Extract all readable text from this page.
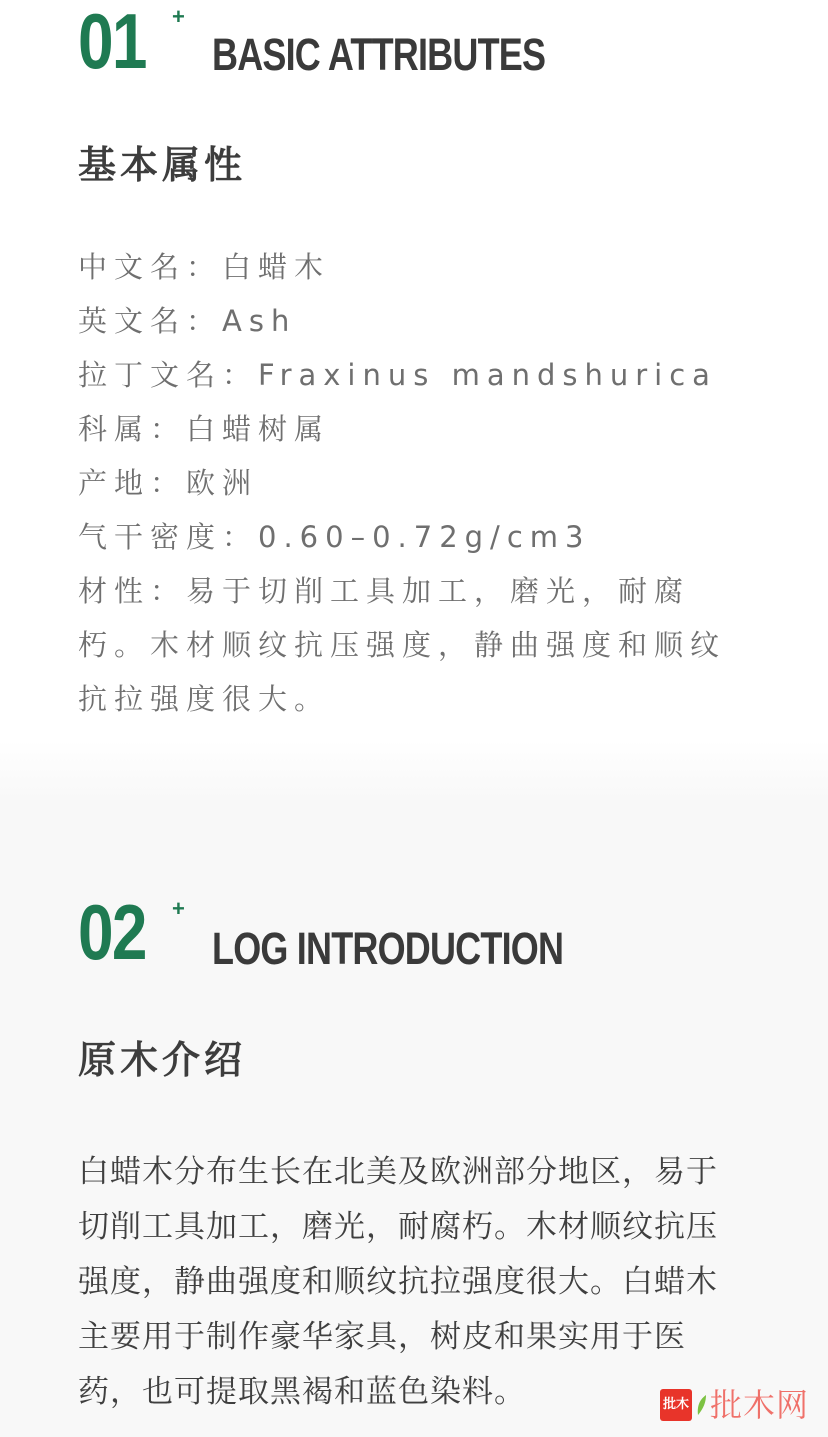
01 +
BASIC ATTRIBUTES
基本属性
中文名：白蜡木
英文名：Ash
拉丁文名：Fraxinus mandshurica
科属：白蜡树属
产地：欧洲
气干密度：0.60–0.72g/cm3
材性：易于切削工具加工，磨光，耐腐朽。木材顺纹抗压强度，静曲强度和顺纹抗拉强度很大。
02 +
LOG INTRODUCTION
原木介绍

白蜡木分布生长在北美及欧洲部分地区，易于切削工具加工，磨光，耐腐朽。木材顺纹抗压强度，静曲强度和顺纹抗拉强度很大。白蜡木主要用于制作豪华家具，树皮和果实用于医药，也可提取黑褐和蓝色染料。	批木 批木网
